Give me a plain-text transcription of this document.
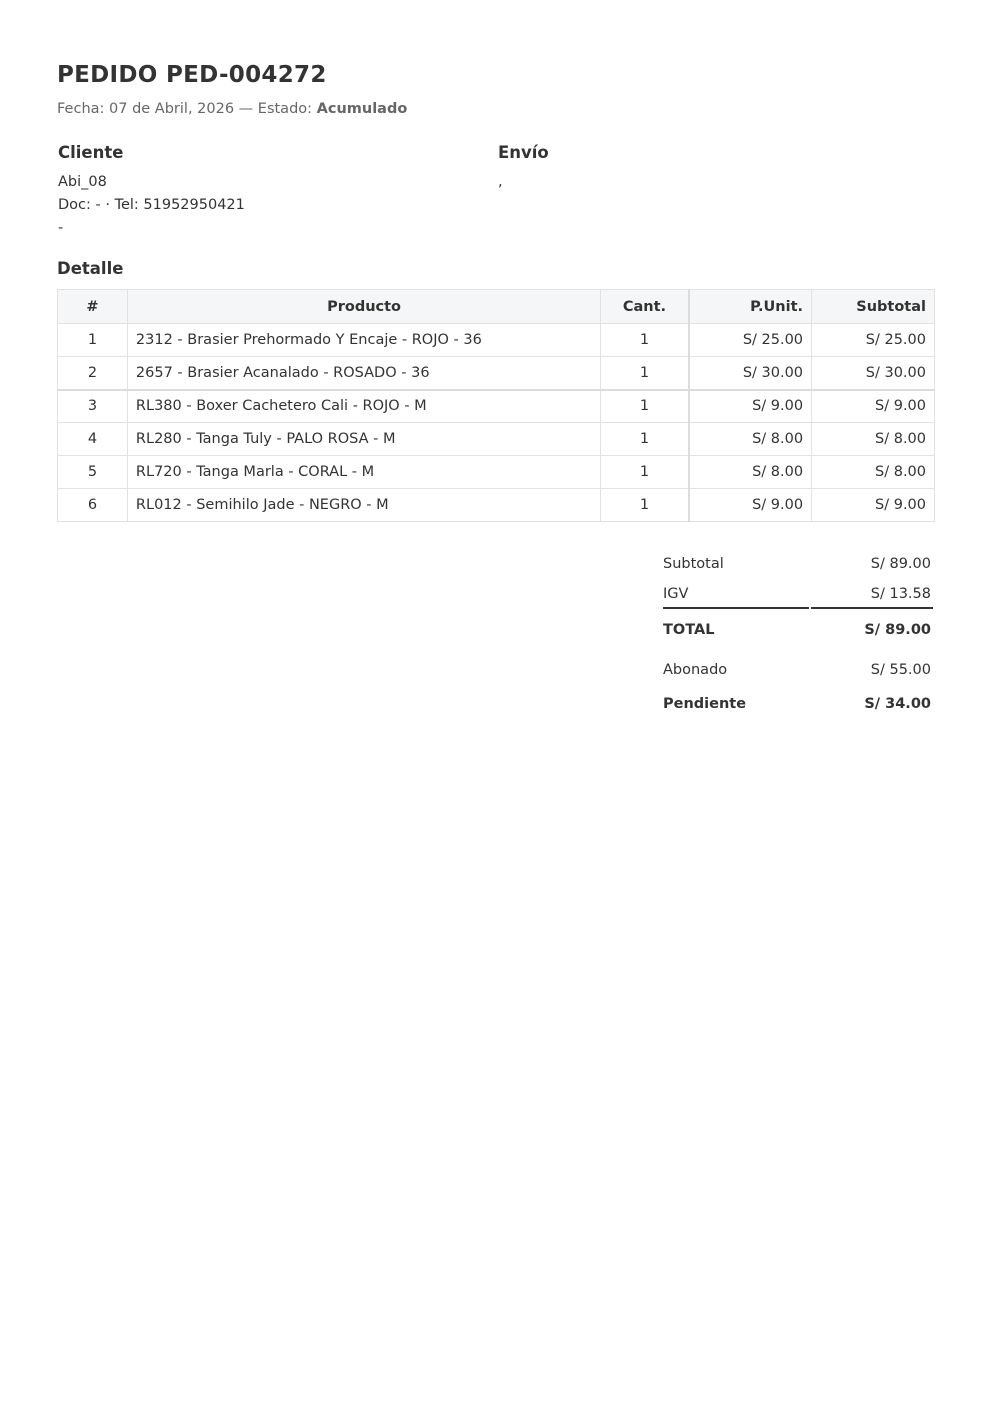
PEDIDO PED-004272
Fecha: 07 de Abril, 2026 — Estado: Acumulado
Cliente
Abi_08
Doc: - · Tel: 51952950421
-
Envío
,
Detalle
#	Producto	Cant.	P.Unit.	Subtotal
1	2312 - Brasier Prehormado Y Encaje - ROJO - 36	1	S/ 25.00	S/ 25.00
2	2657 - Brasier Acanalado - ROSADO - 36	1	S/ 30.00	S/ 30.00
3	RL380 - Boxer Cachetero Cali - ROJO - M	1	S/ 9.00	S/ 9.00
4	RL280 - Tanga Tuly - PALO ROSA - M	1	S/ 8.00	S/ 8.00
5	RL720 - Tanga Marla - CORAL - M	1	S/ 8.00	S/ 8.00
6	RL012 - Semihilo Jade - NEGRO - M	1	S/ 9.00	S/ 9.00
Subtotal	S/ 89.00
IGV	S/ 13.58
TOTAL	S/ 89.00
Abonado	S/ 55.00
Pendiente	S/ 34.00
